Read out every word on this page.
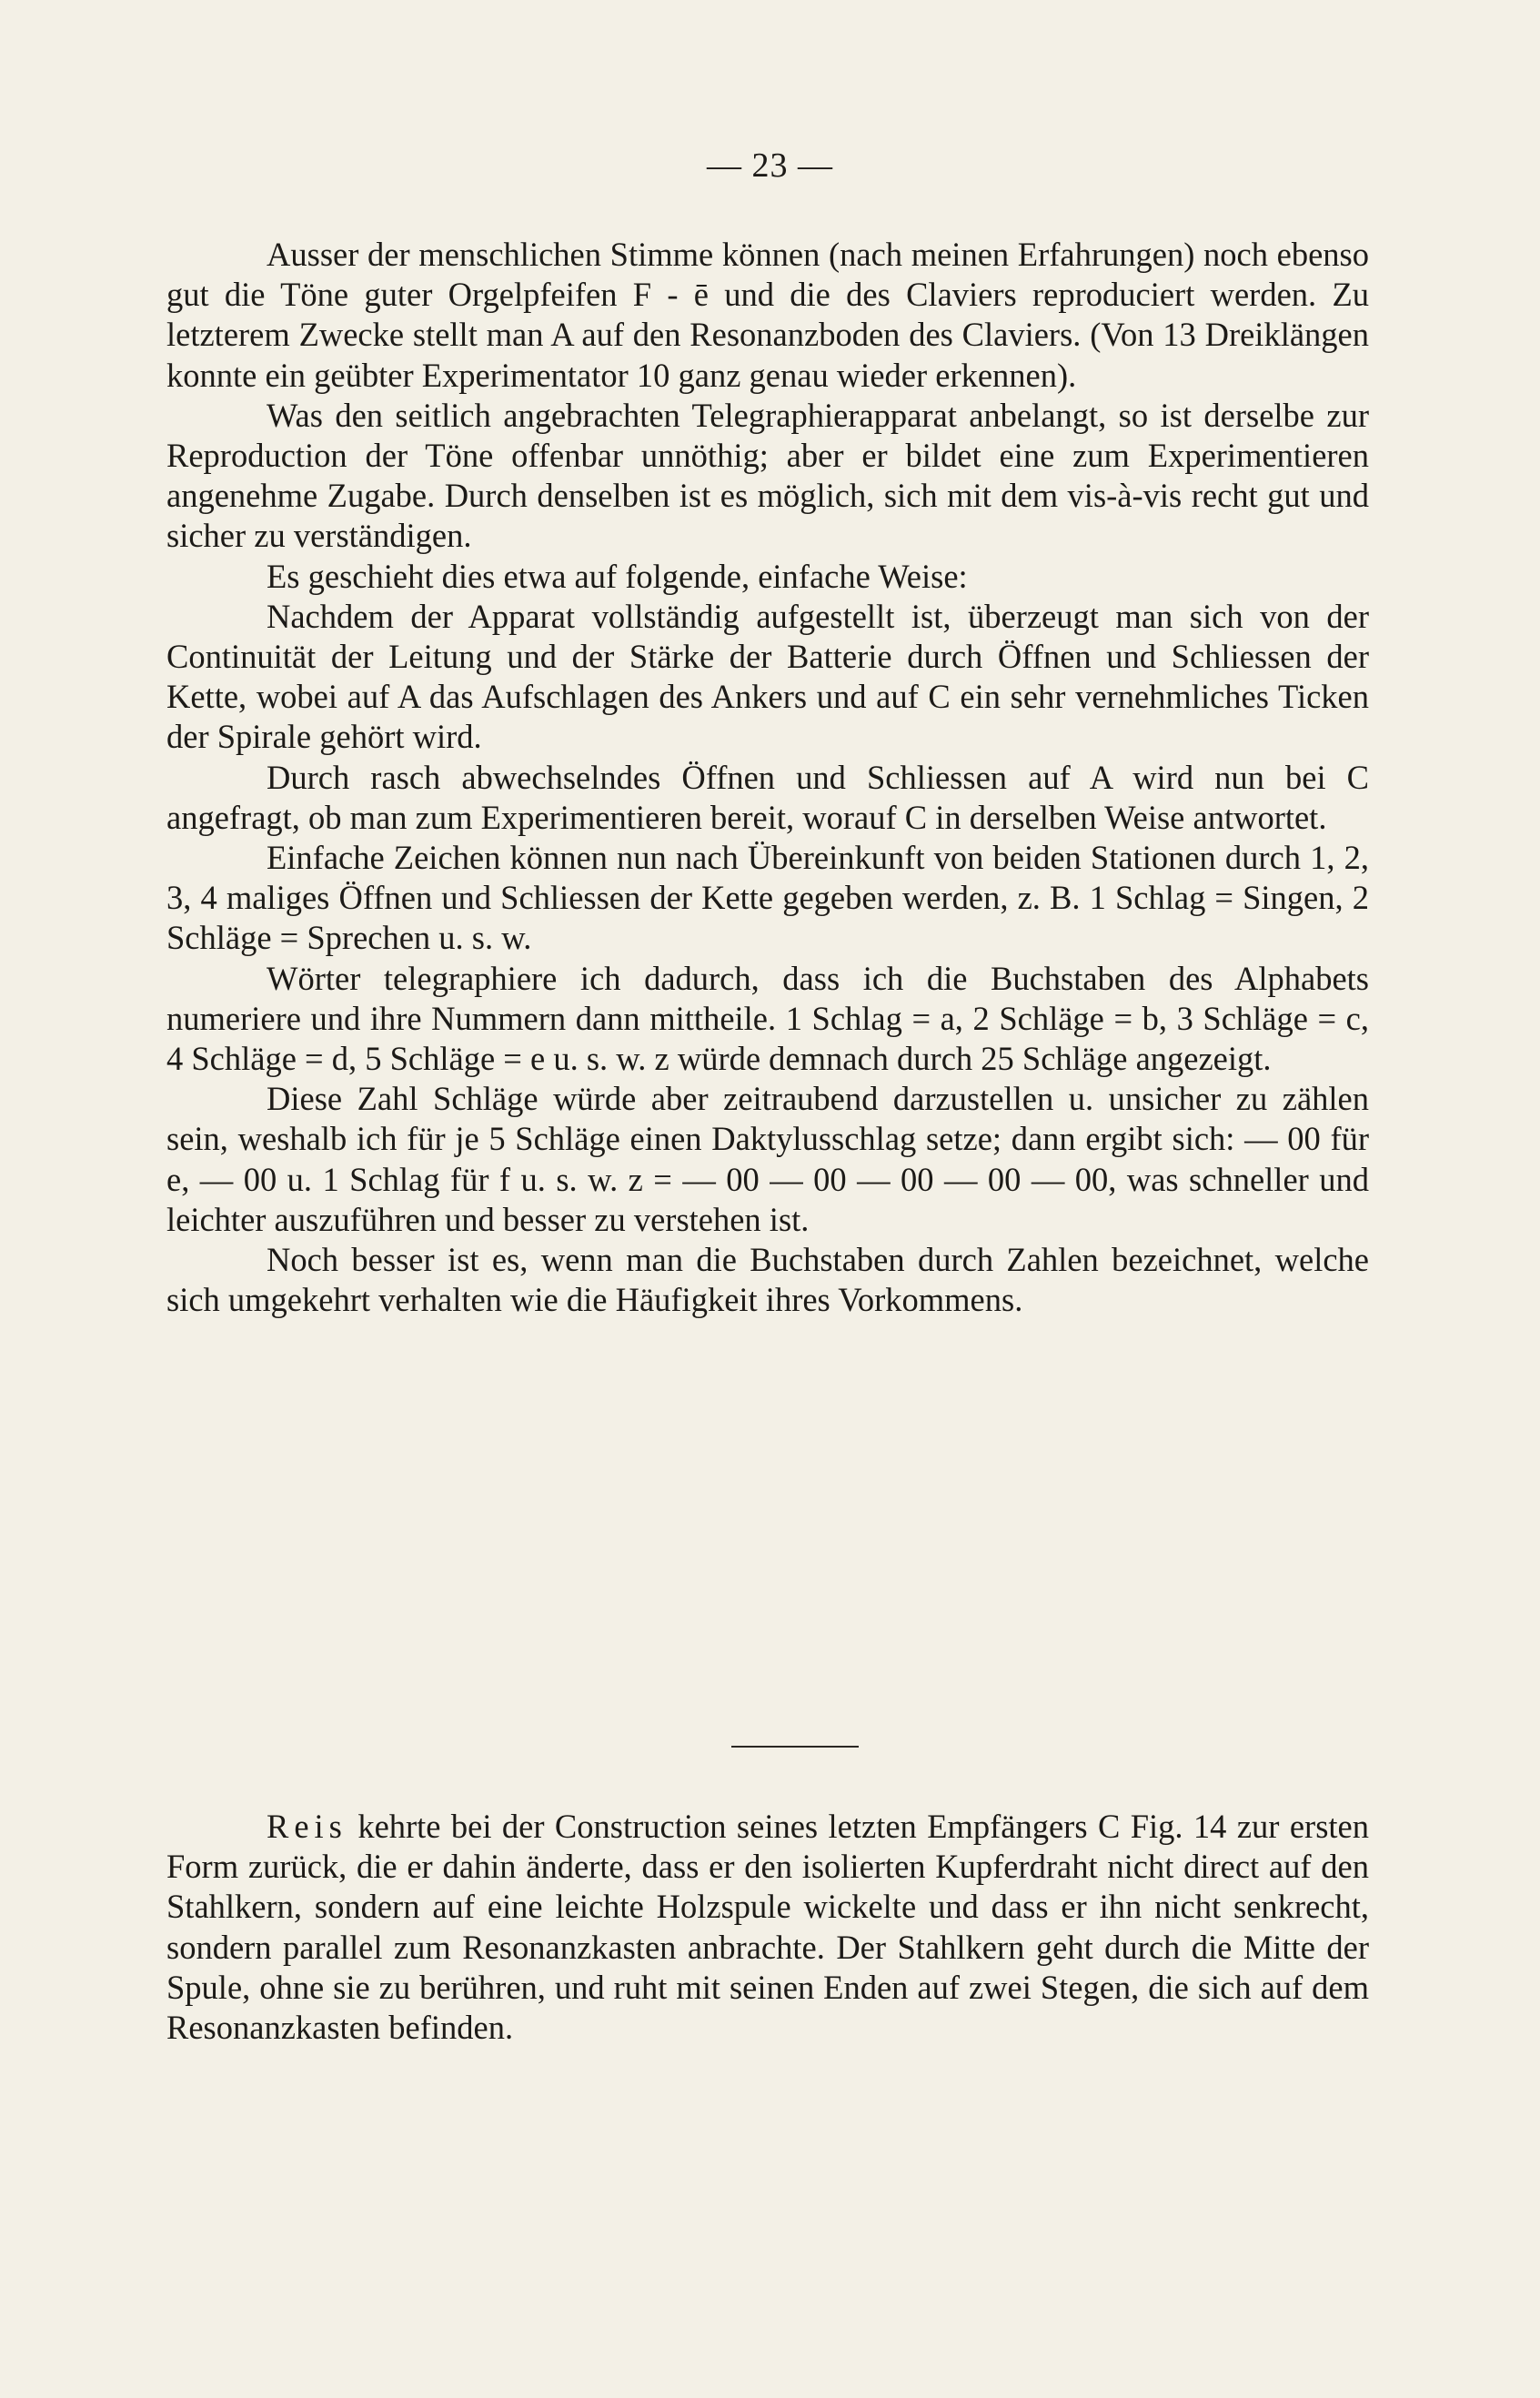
— 23 —

Ausser der menschlichen Stimme können (nach meinen Erfahrungen) noch ebenso gut die Töne guter Orgelpfeifen F - ē und die des Claviers reproduciert werden. Zu letzterem Zwecke stellt man A auf den Resonanzboden des Claviers. (Von 13 Dreiklängen konnte ein geübter Experimentator 10 ganz genau wieder erkennen).

Was den seitlich angebrachten Telegraphierapparat anbelangt, so ist derselbe zur Reproduction der Töne offenbar unnöthig; aber er bildet eine zum Experimentieren angenehme Zugabe. Durch denselben ist es möglich, sich mit dem vis-à-vis recht gut und sicher zu verständigen.

Es geschieht dies etwa auf folgende, einfache Weise:

Nachdem der Apparat vollständig aufgestellt ist, überzeugt man sich von der Continuität der Leitung und der Stärke der Batterie durch Öffnen und Schliessen der Kette, wobei auf A das Aufschlagen des Ankers und auf C ein sehr vernehmliches Ticken der Spirale gehört wird.

Durch rasch abwechselndes Öffnen und Schliessen auf A wird nun bei C angefragt, ob man zum Experimentieren bereit, worauf C in derselben Weise antwortet.

Einfache Zeichen können nun nach Übereinkunft von beiden Stationen durch 1, 2, 3, 4 maliges Öffnen und Schliessen der Kette gegeben werden, z. B. 1 Schlag = Singen, 2 Schläge = Sprechen u. s. w.

Wörter telegraphiere ich dadurch, dass ich die Buchstaben des Alphabets numeriere und ihre Nummern dann mittheile. 1 Schlag = a, 2 Schläge = b, 3 Schläge = c, 4 Schläge = d, 5 Schläge = e u. s. w. z würde demnach durch 25 Schläge angezeigt.

Diese Zahl Schläge würde aber zeitraubend darzustellen u. unsicher zu zählen sein, weshalb ich für je 5 Schläge einen Daktylusschlag setze; dann ergibt sich: — 00 für e, — 00 u. 1 Schlag für f u. s. w. z = — 00 — 00 — 00 — 00 — 00, was schneller und leichter auszuführen und besser zu verstehen ist.

Noch besser ist es, wenn man die Buchstaben durch Zahlen bezeichnet, welche sich umgekehrt verhalten wie die Häufigkeit ihres Vorkommens.

Reis kehrte bei der Construction seines letzten Empfängers C Fig. 14 zur ersten Form zurück, die er dahin änderte, dass er den isolierten Kupferdraht nicht direct auf den Stahlkern, sondern auf eine leichte Holzspule wickelte und dass er ihn nicht senkrecht, sondern parallel zum Resonanzkasten anbrachte. Der Stahlkern geht durch die Mitte der Spule, ohne sie zu berühren, und ruht mit seinen Enden auf zwei Stegen, die sich auf dem Resonanzkasten befinden.
